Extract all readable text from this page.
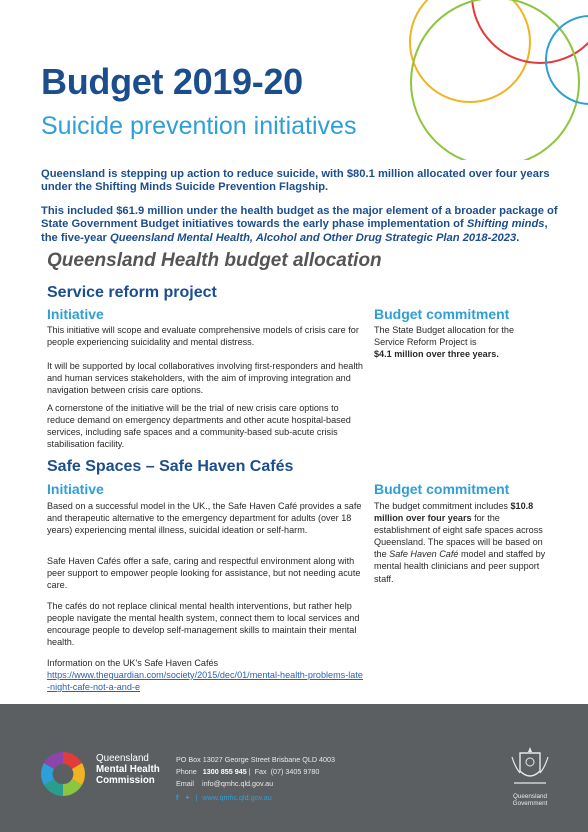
Budget 2019-20
Suicide prevention initiatives

Queensland is stepping up action to reduce suicide, with $80.1 million allocated over four years under the Shifting Minds Suicide Prevention Flagship.

This included $61.9 million under the health budget as the major element of a broader package of State Government Budget initiatives towards the early phase implementation of Shifting minds, the five-year Queensland Mental Health, Alcohol and Other Drug Strategic Plan 2018-2023.

Queensland Health budget allocation
Service reform project
Initiative

This initiative will scope and evaluate comprehensive models of crisis care for people experiencing suicidality and mental distress.

It will be supported by local collaboratives involving first-responders and health and human services stakeholders, with the aim of improving integration and navigation between crisis care options.

A cornerstone of the initiative will be the trial of new crisis care options to reduce demand on emergency departments and other acute hospital-based services, including safe spaces and a community-based sub-acute crisis stabilisation facility.

Budget commitment

The State Budget allocation for the Service Reform Project is
$4.1 million over three years.

Safe Spaces – Safe Haven Cafés
Initiative

Based on a successful model in the UK., the Safe Haven Café provides a safe and therapeutic alternative to the emergency department for adults (over 18 years) experiencing mental illness, suicidal ideation or self-harm.

Safe Haven Cafés offer a safe, caring and respectful environment along with peer support to empower people looking for assistance, but not needing acute care.

The cafés do not replace clinical mental health interventions, but rather help people navigate the mental health system, connect them to local services and encourage people to develop self-management skills to maintain their mental health.

Information on the UK's Safe Haven Cafés

https://www.theguardian.com/society/2015/dec/01/mental-health-problems-late-night-cafe-not-a-and-e
Budget commitment

The budget commitment includes $10.8 million over four years for the establishment of eight safe spaces across Queensland. The spaces will be based on the Safe Haven Café model and staffed by mental health clinicians and peer support staff.

Queensland
Mental Health
Commission
PO Box 13027 George Street Brisbane QLD 4003
Phone 1300 855 945 |  Fax (07) 3405 9780
Email info@qmhc.qld.gov.au
f ✦ | www.qmhc.qld.gov.au	Queensland
Government
